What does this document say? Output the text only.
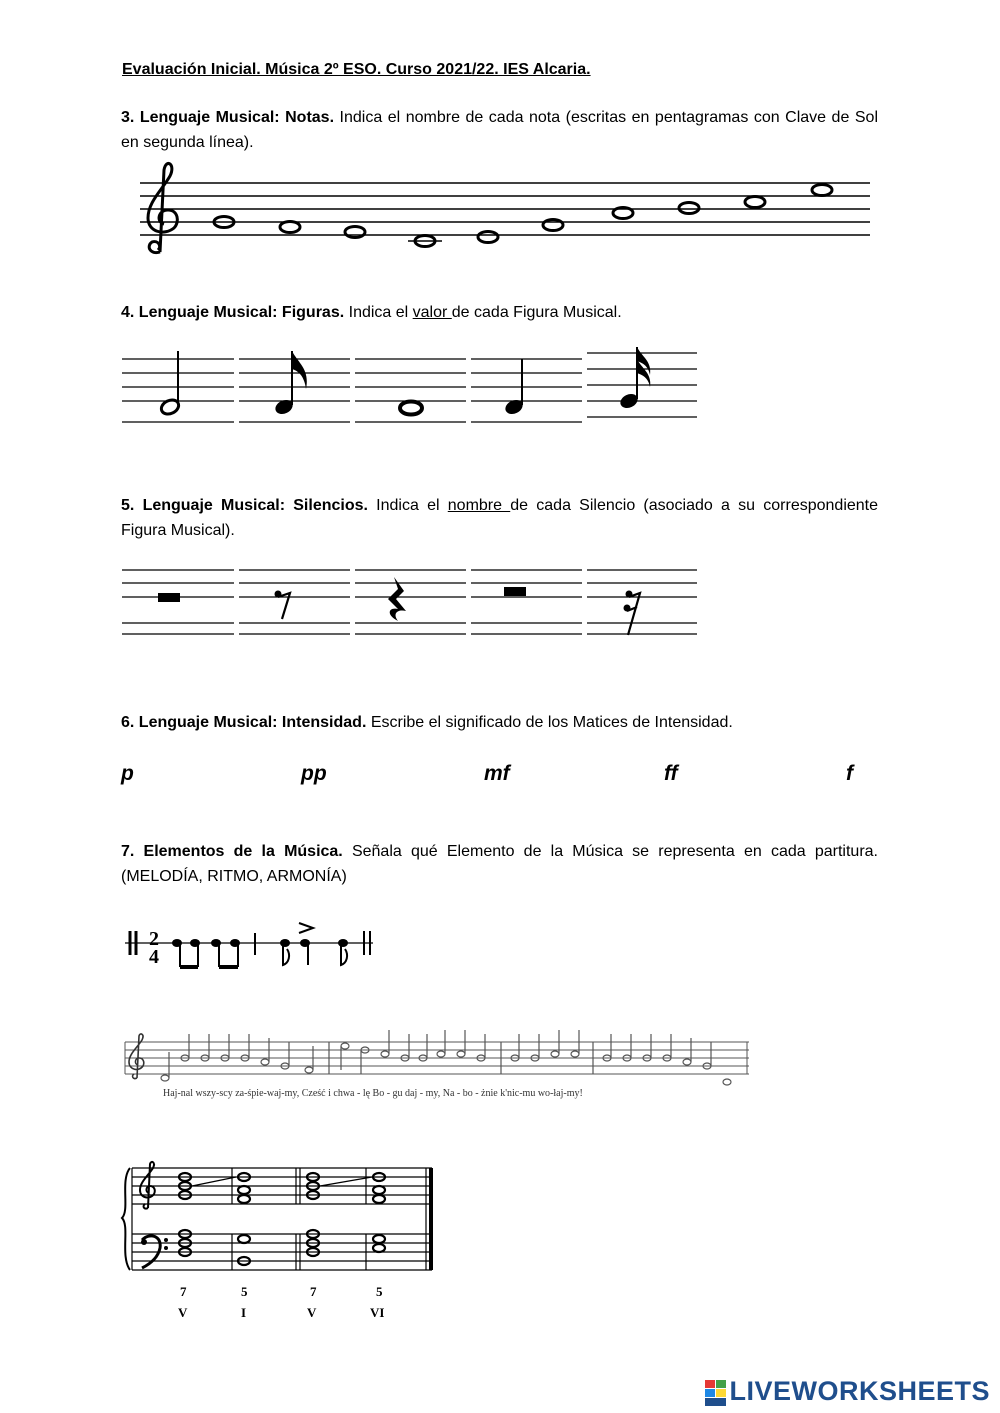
Evaluación Inicial. Música 2º ESO. Curso 2021/22. IES Alcaria.
3. Lenguaje Musical: Notas. Indica el nombre de cada nota (escritas en pentagramas con Clave de Sol en segunda línea).
4. Lenguaje Musical: Figuras. Indica el valor de cada Figura Musical.
5. Lenguaje Musical: Silencios. Indica el nombre de cada Silencio (asociado a su correspondiente Figura Musical).
6. Lenguaje Musical: Intensidad. Escribe el significado de los Matices de Intensidad.
p	pp	mf	ff	f
7. Elementos de la Música. Señala qué Elemento de la Música se representa en cada partitura. (MELODÍA, RITMO, ARMONÍA)
2
4
Haj-nal wszy-scy za-śpie-waj-my, Cześć i chwa - lę Bo - gu daj - my, Na - bo - żnie k'nic-mu wo-łaj-my!
7	5	7	5
V	I	V	VI
LIVEWORKSHEETS
